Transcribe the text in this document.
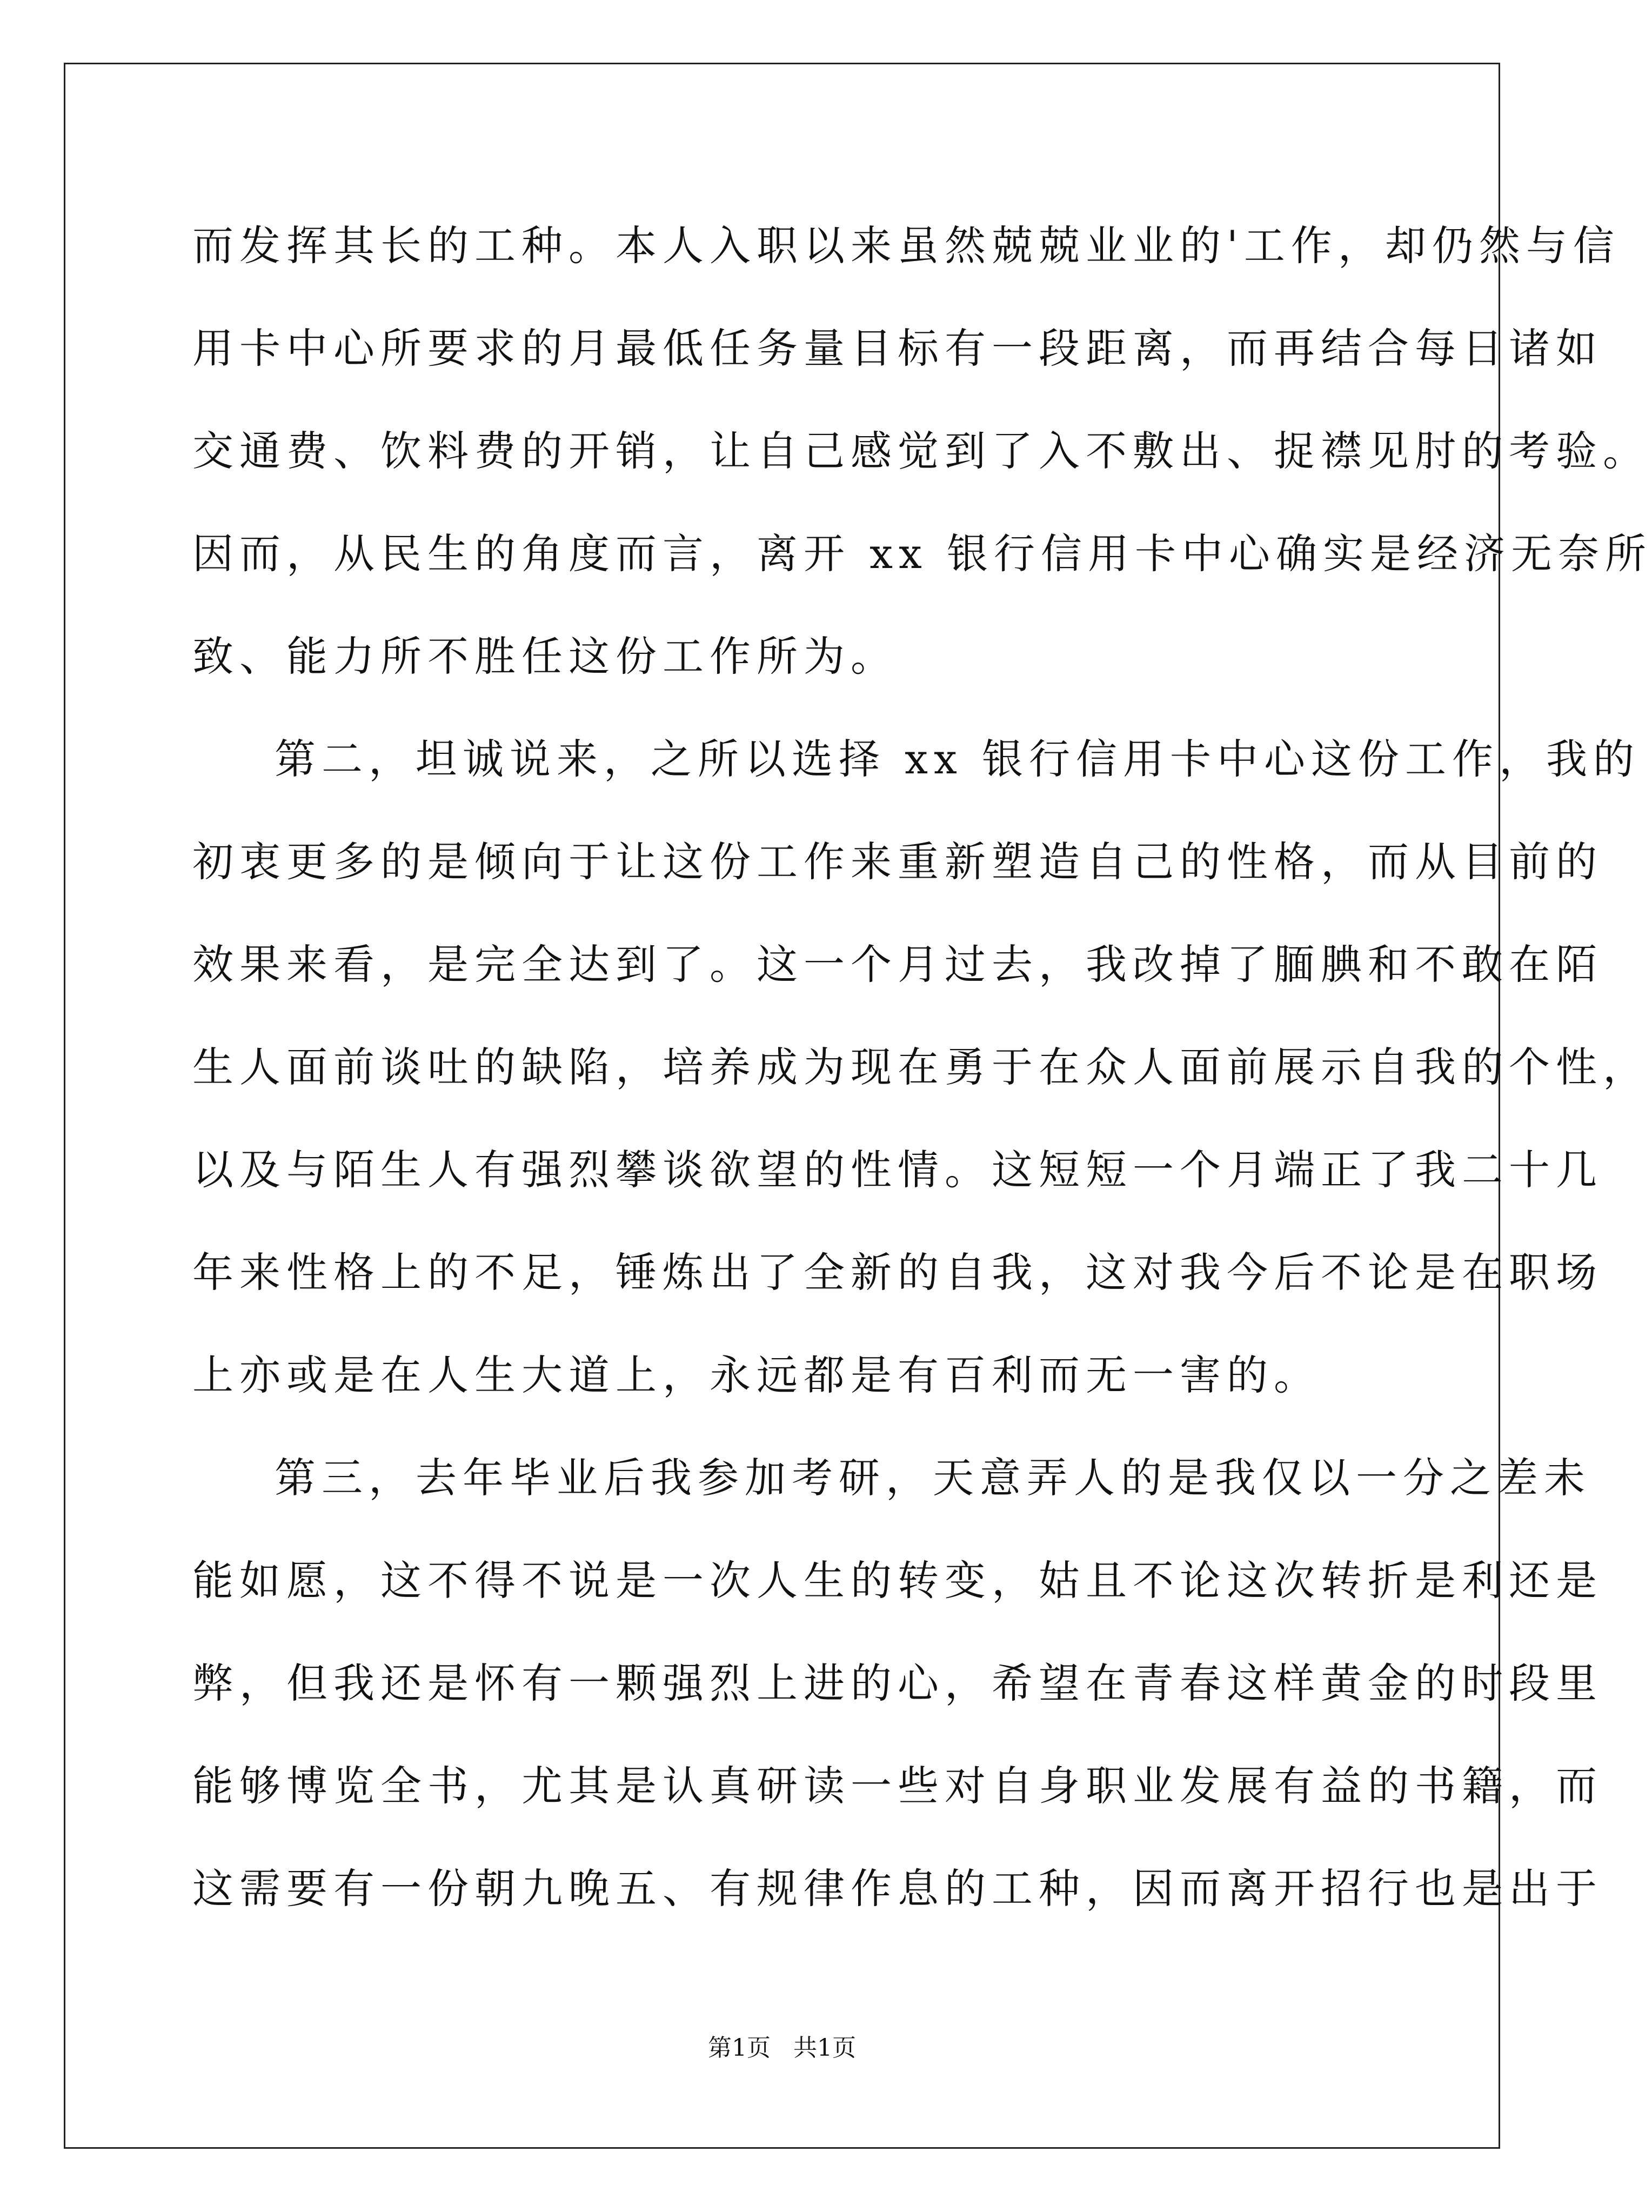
而发挥其长的工种。本人入职以来虽然兢兢业业的'工作，却仍然与信
用卡中心所要求的月最低任务量目标有一段距离，而再结合每日诸如
交通费、饮料费的开销，让自己感觉到了入不敷出、捉襟见肘的考验。
因而，从民生的角度而言，离开 xx 银行信用卡中心确实是经济无奈所
致、能力所不胜任这份工作所为。
第二，坦诚说来，之所以选择 xx 银行信用卡中心这份工作，我的
初衷更多的是倾向于让这份工作来重新塑造自己的性格，而从目前的
效果来看，是完全达到了。这一个月过去，我改掉了腼腆和不敢在陌
生人面前谈吐的缺陷，培养成为现在勇于在众人面前展示自我的个性，
以及与陌生人有强烈攀谈欲望的性情。这短短一个月端正了我二十几
年来性格上的不足，锤炼出了全新的自我，这对我今后不论是在职场
上亦或是在人生大道上，永远都是有百利而无一害的。
第三，去年毕业后我参加考研，天意弄人的是我仅以一分之差未
能如愿，这不得不说是一次人生的转变，姑且不论这次转折是利还是
弊，但我还是怀有一颗强烈上进的心，希望在青春这样黄金的时段里
能够博览全书，尤其是认真研读一些对自身职业发展有益的书籍，而
这需要有一份朝九晚五、有规律作息的工种，因而离开招行也是出于
第1页 共1页
